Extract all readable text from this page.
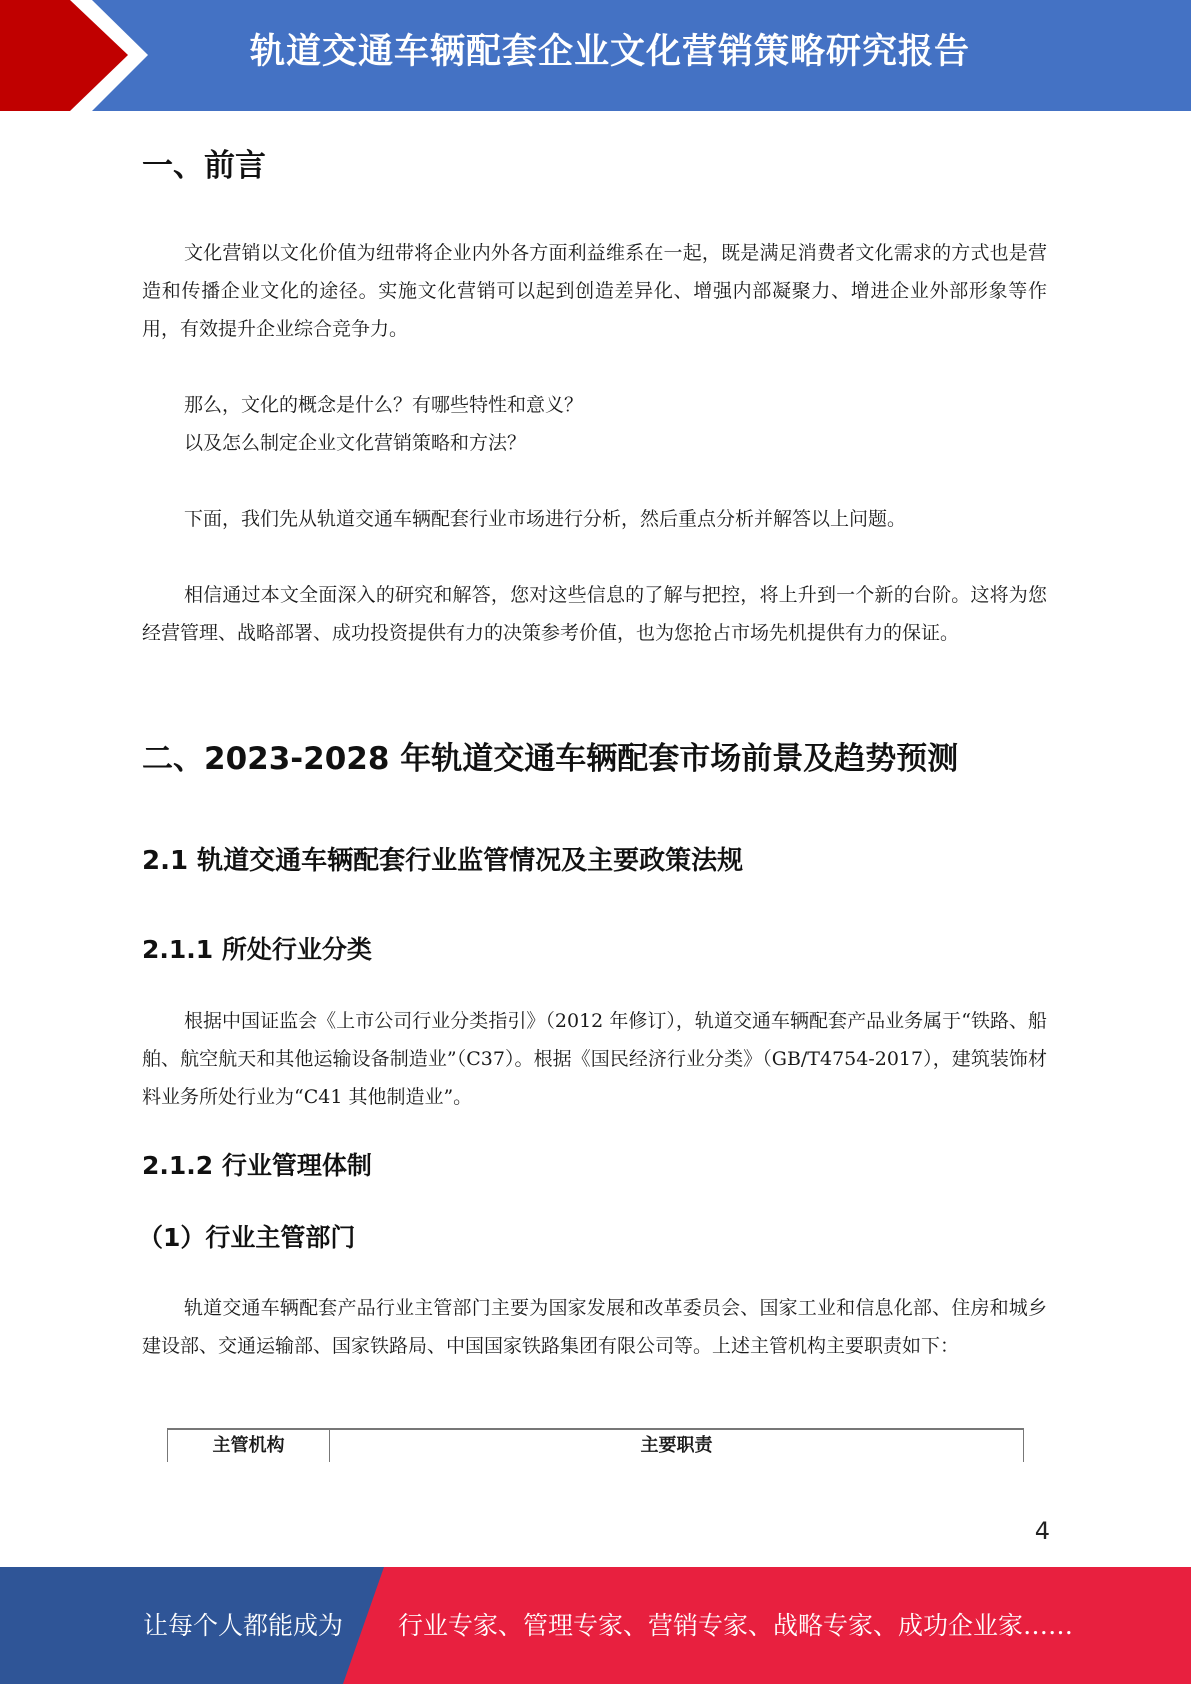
轨道交通车辆配套企业文化营销策略研究报告
一、前言

文化营销以文化价值为纽带将企业内外各方面利益维系在一起，既是满足消费者文化需求的方式也是营造和传播企业文化的途径。实施文化营销可以起到创造差异化、增强内部凝聚力、增进企业外部形象等作用，有效提升企业综合竞争力。

那么，文化的概念是什么？有哪些特性和意义？

以及怎么制定企业文化营销策略和方法？

下面，我们先从轨道交通车辆配套行业市场进行分析，然后重点分析并解答以上问题。

相信通过本文全面深入的研究和解答，您对这些信息的了解与把控，将上升到一个新的台阶。这将为您经营管理、战略部署、成功投资提供有力的决策参考价值，也为您抢占市场先机提供有力的保证。

二、2023-2028 年轨道交通车辆配套市场前景及趋势预测
2.1 轨道交通车辆配套行业监管情况及主要政策法规
2.1.1 所处行业分类

根据中国证监会《上市公司行业分类指引》（2012 年修订），轨道交通车辆配套产品业务属于“铁路、船舶、航空航天和其他运输设备制造业”（C37）。根据《国民经济行业分类》（GB/T4754-2017），建筑装饰材料业务所处行业为“C41 其他制造业”。

2.1.2 行业管理体制
（1）行业主管部门

轨道交通车辆配套产品行业主管部门主要为国家发展和改革委员会、国家工业和信息化部、住房和城乡建设部、交通运输部、国家铁路局、中国国家铁路集团有限公司等。上述主管机构主要职责如下：

主管机构	主要职责
4
让每个人都能成为 行业专家、管理专家、营销专家、战略专家、成功企业家……
